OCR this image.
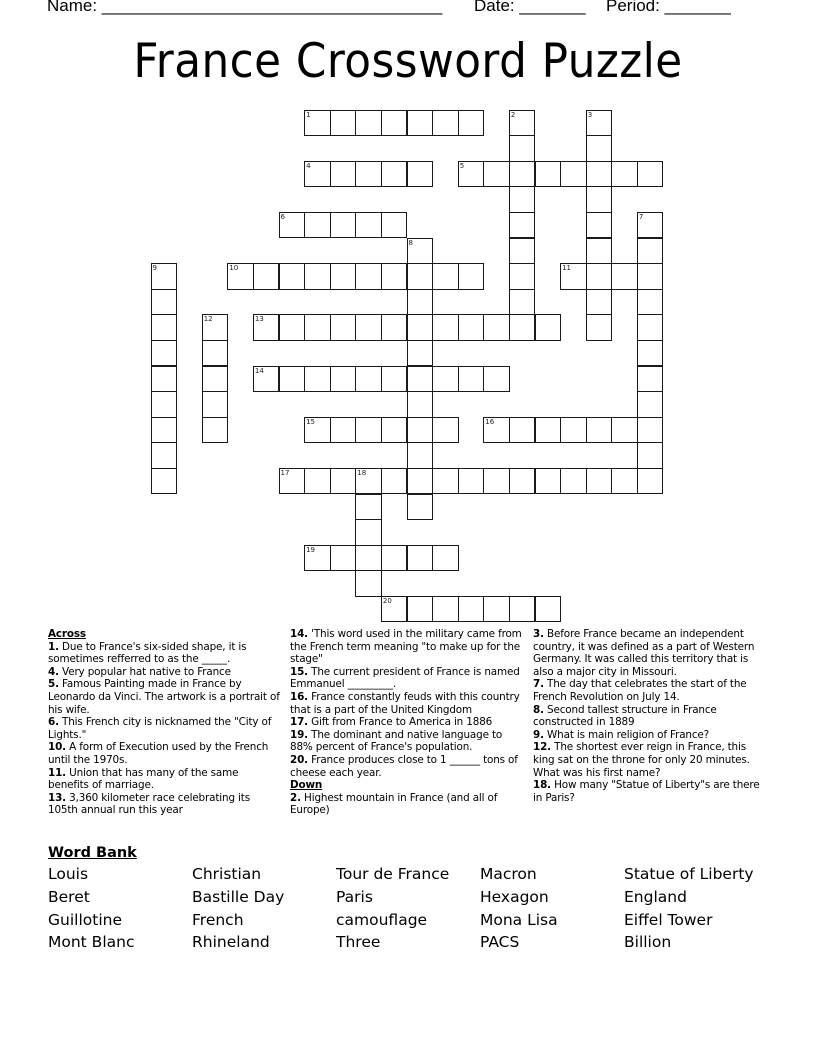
Name: ____________________________________

Date: _______

Period: _______

France Crossword Puzzle
1	2	3
4	5
6	7
8
9	10	11
12	13
14
15	16
17	18
19
20
Across
1. Due to France's six-sided shape, it is sometimes refferred to as the _____.
4. Very popular hat native to France
5. Famous Painting made in France by Leonardo da Vinci. The artwork is a portrait of his wife.
6. This French city is nicknamed the "City of Lights."
10. A form of Execution used by the French until the 1970s.
11. Union that has many of the same benefits of marriage.
13. 3,360 kilometer race celebrating its 105th annual run this year
14. 'This word used in the military came from the French term meaning "to make up for the stage"
15. The current president of France is named Emmanuel _________.
16. France constantly feuds with this country that is a part of the United Kingdom
17. Gift from France to America in 1886
19. The dominant and native language to 88% percent of France's population.
20. France produces close to 1 ______ tons of cheese each year.
Down
2. Highest mountain in France (and all of Europe)
3. Before France became an independent country, it was defined as a part of Western Germany. It was called this territory that is also a major city in Missouri.
7. The day that celebrates the start of the French Revolution on July 14.
8. Second tallest structure in France constructed in 1889
9. What is main religion of France?
12. The shortest ever reign in France, this king sat on the throne for only 20 minutes. What was his first name?
18. How many "Statue of Liberty"s are there in Paris?
Word Bank
Louis	Christian	Tour de France	Macron	Statue of Liberty
Beret	Bastille Day	Paris	Hexagon	England
Guillotine	French	camouflage	Mona Lisa	Eiffel Tower
Mont Blanc	Rhineland	Three	PACS	Billion
